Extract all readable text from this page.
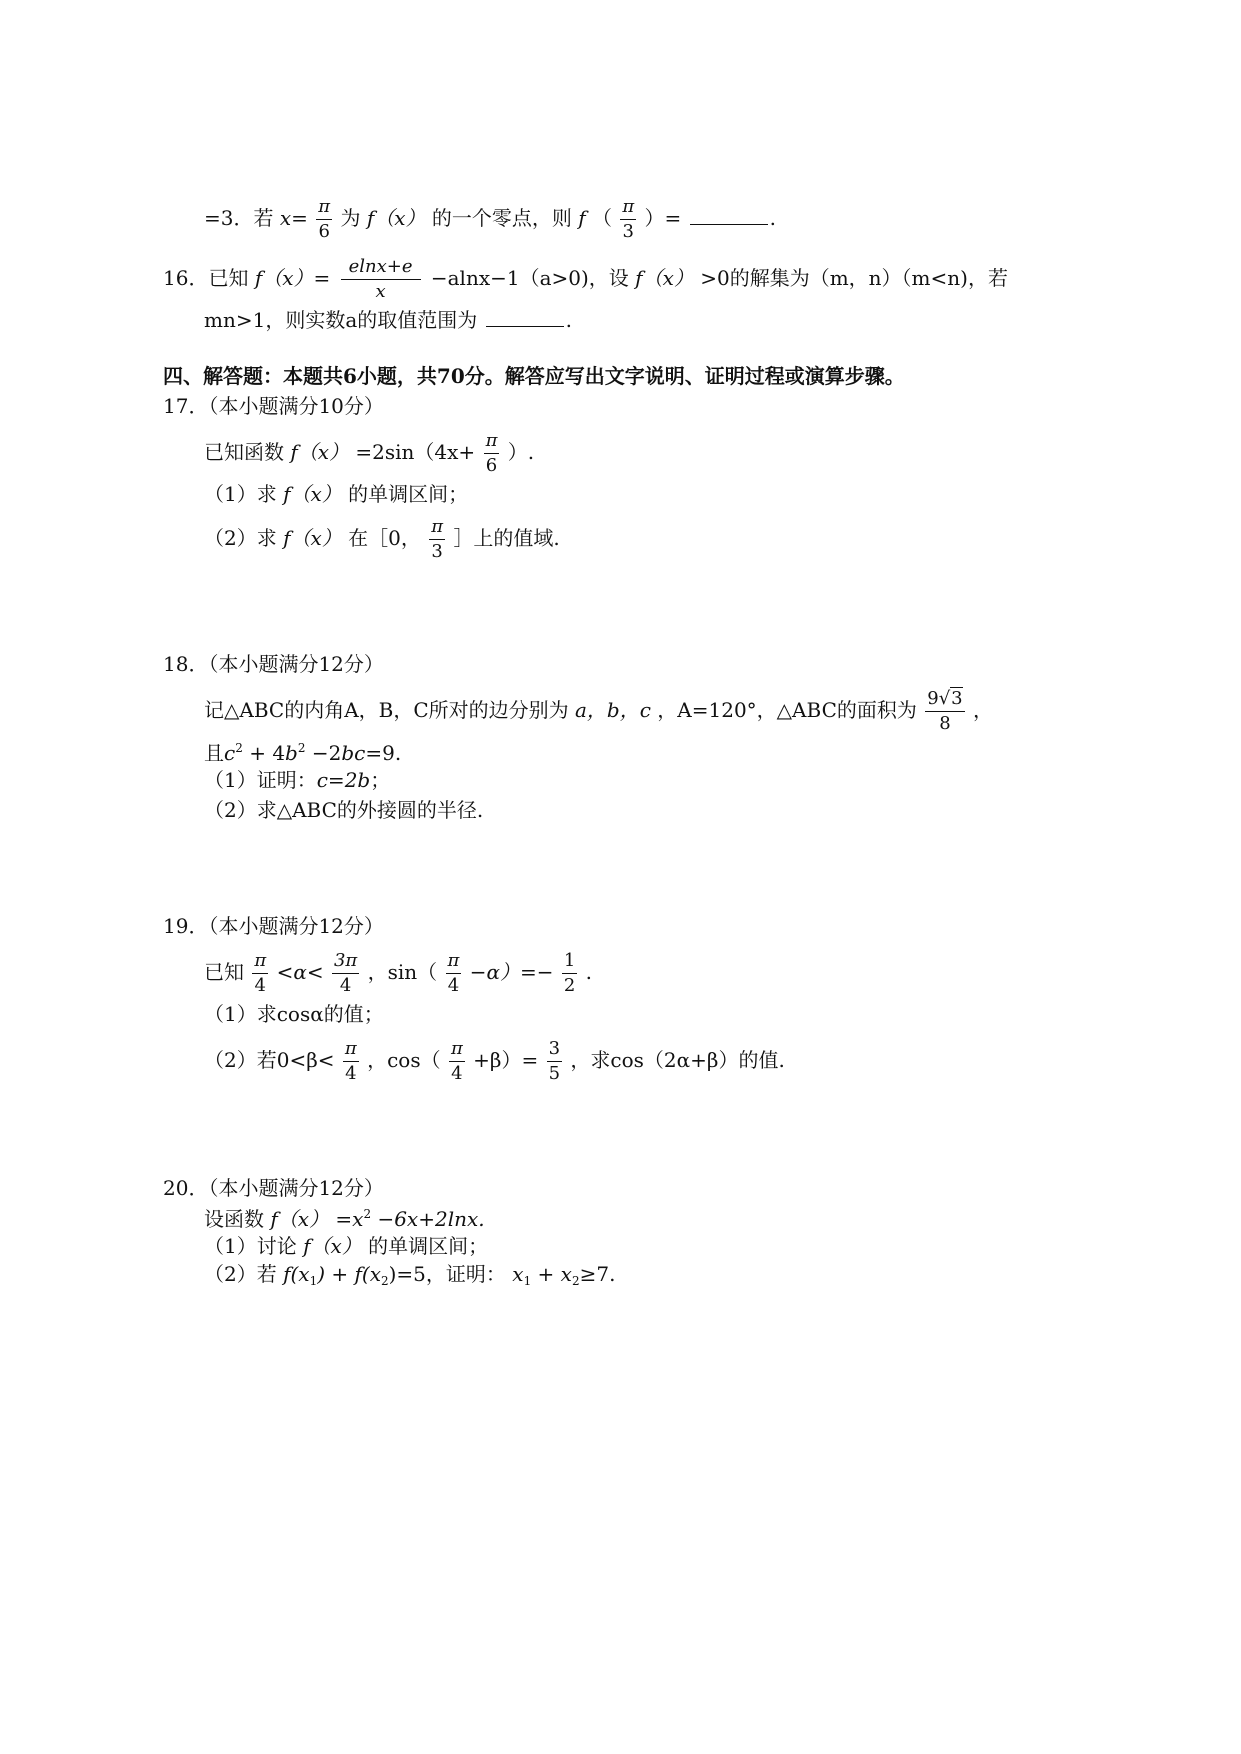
=3．若 $x= \frac{\pi}{6}$ 为 f（x） 的一个零点，则 f （ $\frac{\pi}{3}$ ）=	.
16．已知 $f(x)= \frac{elnx+e}{x} -alnx-1(a>0)$，设 f（x） >0的解集为（m，n）（m<n)，若
mn>1，则实数a的取值范围为	.
四、解答题：本题共6小题，共70分。解答应写出文字说明、证明过程或演算步骤。
17．（本小题满分10分）
已知函数 $f(x) =2\sin(4x+ \frac{\pi}{6}$ ）.
（1）求 f（x） 的单调区间；
（2）求 f（x） 在［0， $\frac{\pi}{3}$ ］上的值域.
18．（本小题满分12分）
记△ABC的内角A，B，C所对的边分别为 a，b，c ，A=120°，△ABC的面积为 $\frac{9√3}{8}$ ，
且$c^2 + 4b^2 -2bc=9$.
（1）证明：c=2b；
（2）求△ABC的外接圆的半径.
19．（本小题满分12分）
已知 $\frac{\pi}{4} <\alpha< \frac{3\pi}{4}$ ，$\sin( \frac{\pi}{4} -\alpha)=- \frac{1}{2}$ .
（1）求cosα的值；
（2）若$0<\beta< \frac{\pi}{4}$ ，$\cos( \frac{\pi}{4} +\beta)= \frac{3}{5}$ ，求cos（2α+β）的值.
20．（本小题满分12分）
设函数 $f(x) =x^2 -6x+2\ln x$.
（1）讨论 f（x） 的单调区间；
（2）若 $f(x_1) + f(x_2)=5$，证明： $x_1 + x_2\ge 7$.
